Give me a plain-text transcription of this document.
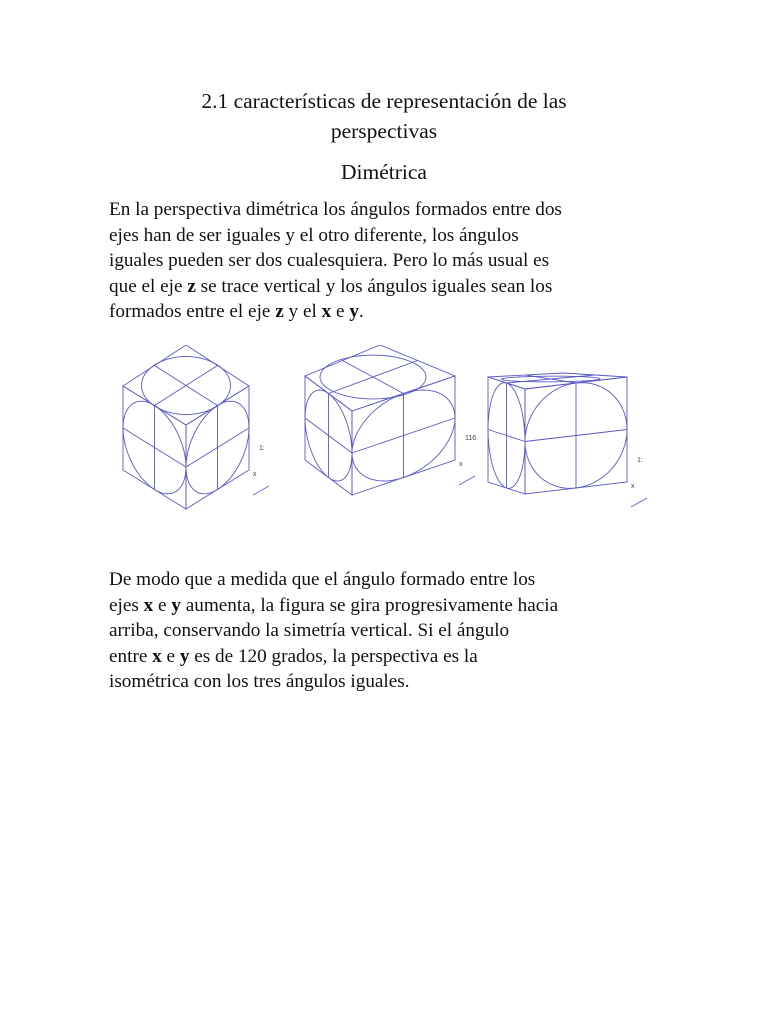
2.1 características de representación de las
perspectivas
Dimétrica

En la perspectiva dimétrica los ángulos formados entre dos
ejes han de ser iguales y el otro diferente, los ángulos
iguales pueden ser dos cualesquiera. Pero lo más usual es
que el eje z se trace vertical y los ángulos iguales sean los
formados entre el eje z y el x e y.

1:
x
116
x
1:
x

De modo que a medida que el ángulo formado entre los
ejes x e y aumenta, la figura se gira progresivamente hacia
arriba, conservando la simetría vertical. Si el ángulo
entre x e y es de 120 grados, la perspectiva es la
isométrica con los tres ángulos iguales.
